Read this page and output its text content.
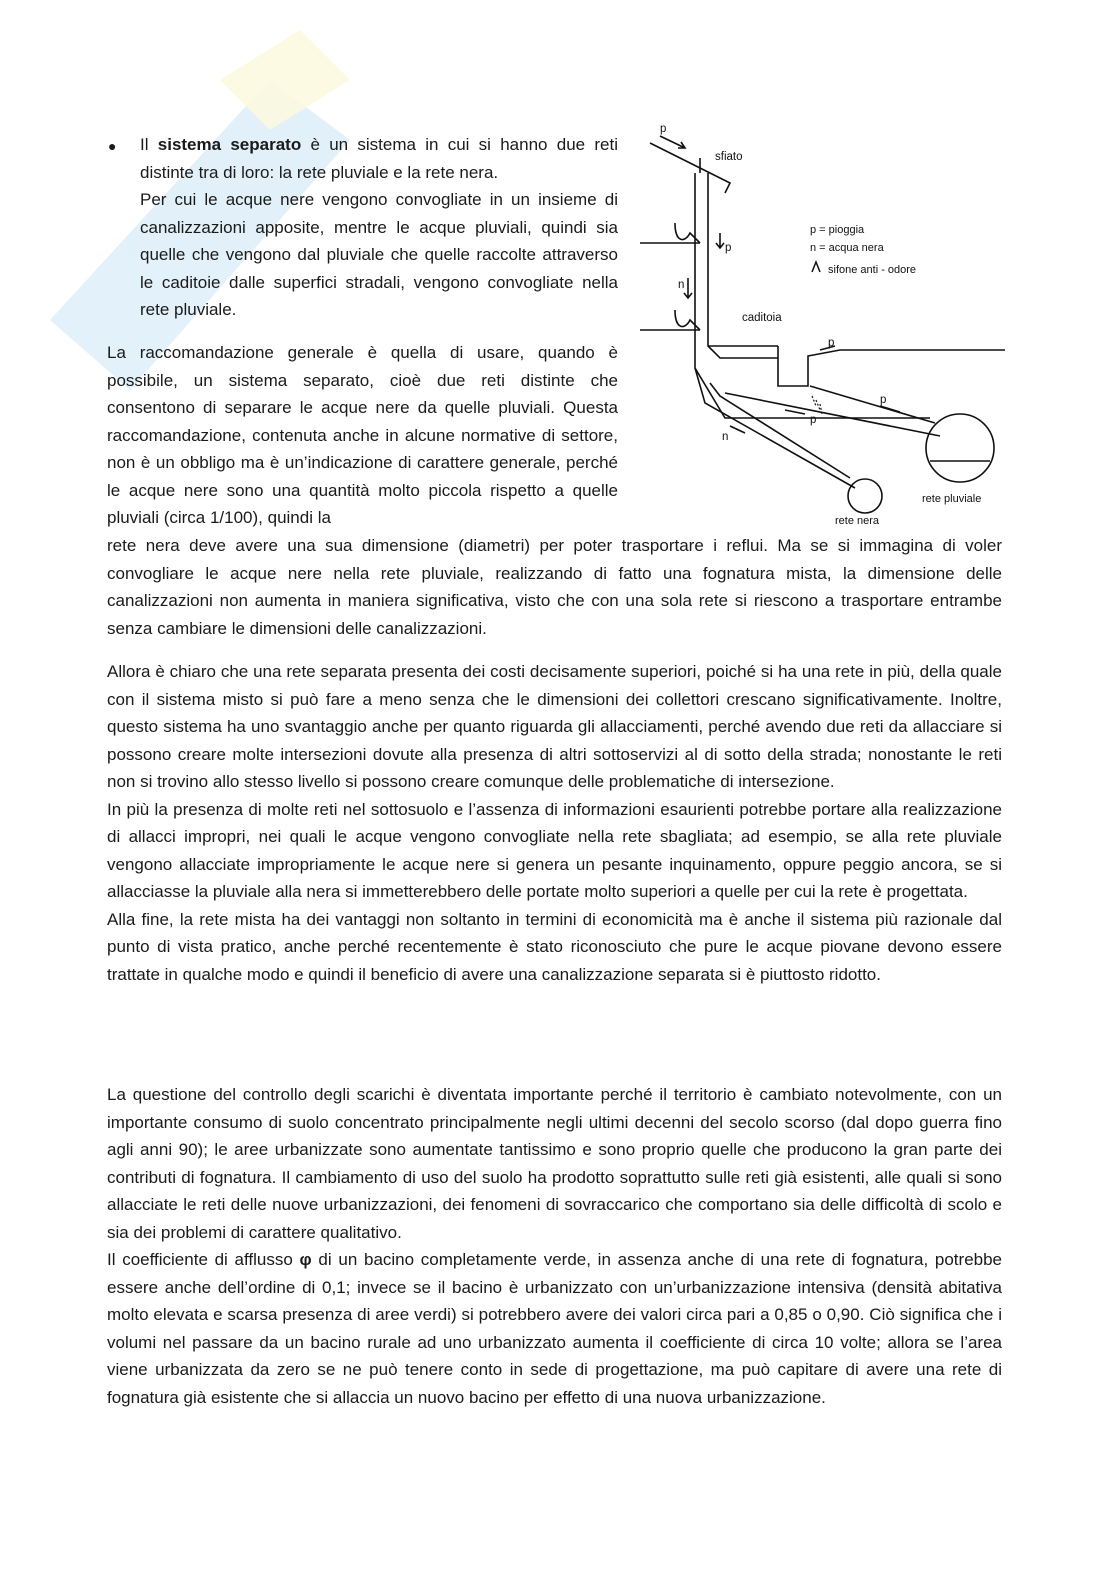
● Il sistema separato è un sistema in cui si hanno due reti distinte tra di loro: la rete pluviale e la rete nera.
Per cui le acque nere vengono convogliate in un insieme di canalizzazioni apposite, mentre le acque pluviali, quindi sia quelle che vengono dal pluviale che quelle raccolte attraverso le caditoie dalle superfici stradali, vengono convogliate nella rete pluviale.

La raccomandazione generale è quella di usare, quando è possibile, un sistema separato, cioè due reti distinte che consentono di separare le acque nere da quelle pluviali. Questa raccomandazione, contenuta anche in alcune normative di settore, non è un obbligo ma è un’indicazione di carattere generale, perché le acque nere sono una quantità molto piccola rispetto a quelle pluviali (circa 1/100), quindi la

rete nera deve avere una sua dimensione (diametri) per poter trasportare i reflui. Ma se si immagina di voler convogliare le acque nere nella rete pluviale, realizzando di fatto una fognatura mista, la dimensione delle canalizzazioni non aumenta in maniera significativa, visto che con una sola rete si riescono a trasportare entrambe senza cambiare le dimensioni delle canalizzazioni.

Allora è chiaro che una rete separata presenta dei costi decisamente superiori, poiché si ha una rete in più, della quale con il sistema misto si può fare a meno senza che le dimensioni dei collettori crescano significativamente. Inoltre, questo sistema ha uno svantaggio anche per quanto riguarda gli allacciamenti, perché avendo due reti da allacciare si possono creare molte intersezioni dovute alla presenza di altri sottoservizi al di sotto della strada; nonostante le reti non si trovino allo stesso livello si possono creare comunque delle problematiche di intersezione.
In più la presenza di molte reti nel sottosuolo e l’assenza di informazioni esaurienti potrebbe portare alla realizzazione di allacci impropri, nei quali le acque vengono convogliate nella rete sbagliata; ad esempio, se alla rete pluviale vengono allacciate impropriamente le acque nere si genera un pesante inquinamento, oppure peggio ancora, se si allacciasse la pluviale alla nera si immetterebbero delle portate molto superiori a quelle per cui la rete è progettata.
Alla fine, la rete mista ha dei vantaggi non soltanto in termini di economicità ma è anche il sistema più razionale dal punto di vista pratico, anche perché recentemente è stato riconosciuto che pure le acque piovane devono essere trattate in qualche modo e quindi il beneficio di avere una canalizzazione separata si è piuttosto ridotto.
La questione del controllo degli scarichi è diventata importante perché il territorio è cambiato notevolmente, con un importante consumo di suolo concentrato principalmente negli ultimi decenni del secolo scorso (dal dopo guerra fino agli anni 90); le aree urbanizzate sono aumentate tantissimo e sono proprio quelle che producono la gran parte dei contributi di fognatura. Il cambiamento di uso del suolo ha prodotto soprattutto sulle reti già esistenti, alle quali si sono allacciate le reti delle nuove urbanizzazioni, dei fenomeni di sovraccarico che comportano sia delle difficoltà di scolo e sia dei problemi di carattere qualitativo.
Il coefficiente di afflusso φ di un bacino completamente verde, in assenza anche di una rete di fognatura, potrebbe essere anche dell’ordine di 0,1; invece se il bacino è urbanizzato con un’urbanizzazione intensiva (densità abitativa molto elevata e scarsa presenza di aree verdi) si potrebbero avere dei valori circa pari a 0,85 o 0,90. Ciò significa che i volumi nel passare da un bacino rurale ad uno urbanizzato aumenta il coefficiente di circa 10 volte; allora se l’area viene urbanizzata da zero se ne può tenere conto in sede di progettazione, ma può capitare di avere una rete di fognatura già esistente che si allaccia un nuovo bacino per effetto di una nuova urbanizzazione.
sfiato
p = pioggia
n = acqua nera
sifone anti - odore
caditoia
rete pluviale
rete nera
p
p
n
p
p
p
n
